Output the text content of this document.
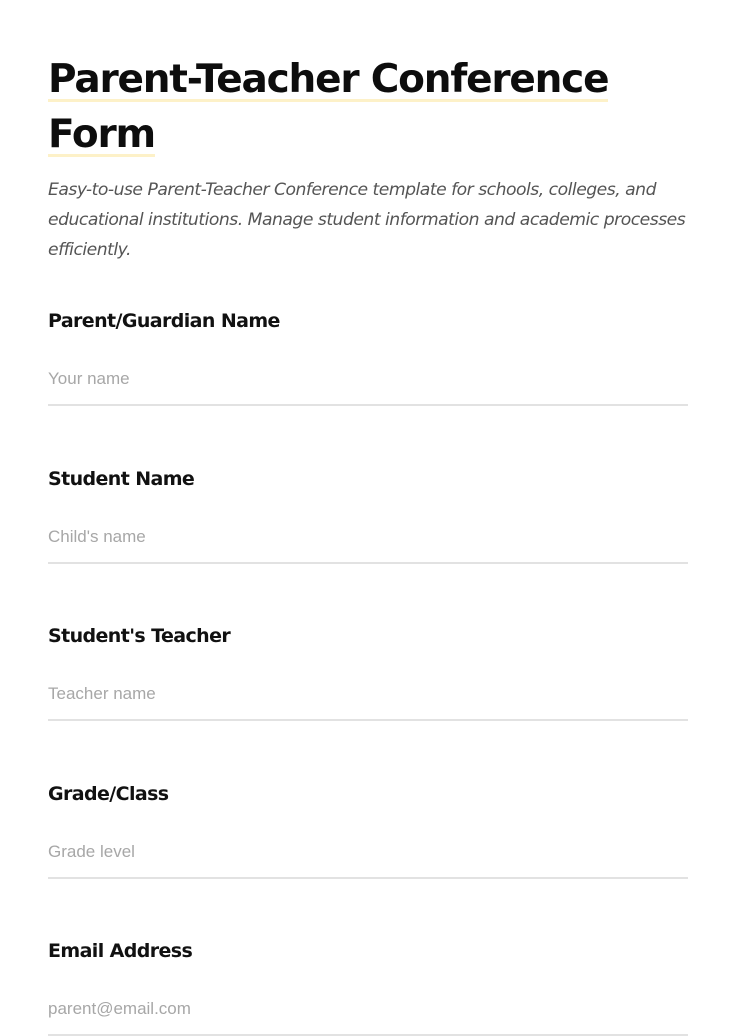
Parent-Teacher Conference
Form

Easy-to-use Parent-Teacher Conference template for schools, colleges, and educational institutions. Manage student information and academic processes efficiently.

Parent/Guardian Name
Your name
Student Name
Child's name
Student's Teacher
Teacher name
Grade/Class
Grade level
Email Address
parent@email.com
